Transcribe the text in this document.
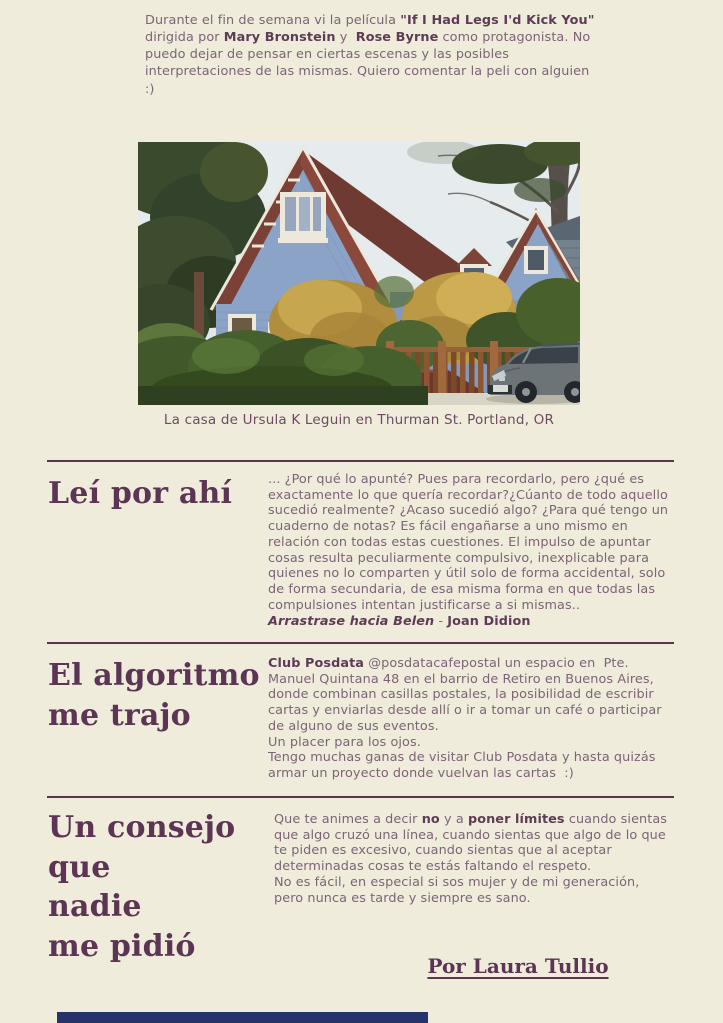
Durante el fin de semana vi la película "If I Had Legs I'd Kick You" dirigida por Mary Bronstein y  Rose Byrne como protagonista. No puedo dejar de pensar en ciertas escenas y las posibles interpretaciones de las mismas. Quiero comentar la peli con alguien
:)

La casa de Ursula K Leguin en Thurman St. Portland, OR
Leí por ahí	... ¿Por qué lo apunté? Pues para recordarlo, pero ¿qué es exactamente lo que quería recordar?¿Cúanto de todo aquello sucedió realmente? ¿Acaso sucedió algo? ¿Para qué tengo un cuaderno de notas? Es fácil engañarse a uno mismo en relación con todas estas cuestiones. El impulso de apuntar cosas resulta peculiarmente compulsivo, inexplicable para quienes no lo comparten y útil solo de forma accidental, solo de forma secundaria, de esa misma forma en que todas las compulsiones intentan justificarse a si mismas..
Arrastrase hacia Belen - Joan Didion

El algoritmo
me trajo

Club Posdata @posdatacafepostal un espacio en  Pte. Manuel Quintana 48 en el barrio de Retiro en Buenos Aires, donde combinan casillas postales, la posibilidad de escribir cartas y enviarlas desde allí o ir a tomar un café o participar de alguno de sus eventos.
Un placer para los ojos.
Tengo muchas ganas de visitar Club Posdata y hasta quizás armar un proyecto donde vuelvan las cartas  :)

Un consejo
que
nadie
me pidió

Que te animes a decir no y a poner límites cuando sientas que algo cruzó una línea, cuando sientas que algo de lo que te piden es excesivo, cuando sientas que al aceptar determinadas cosas te estás faltando el respeto.
No es fácil, en especial si sos mujer y de mi generación, pero nunca es tarde y siempre es sano.

Por Laura Tullio
